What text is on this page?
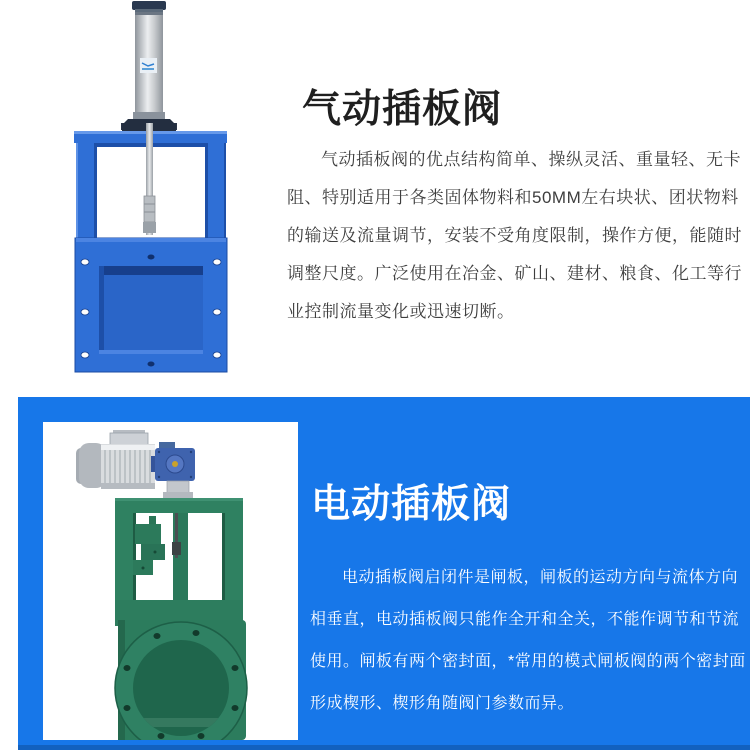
气动插板阀
气动插板阀的优点结构简单、操纵灵活、重量轻、无卡
阻、特别适用于各类固体物料和50MM左右块状、团状物料
的输送及流量调节，安装不受角度限制，操作方便，能随时
调整尺度。广泛使用在冶金、矿山、建材、粮食、化工等行
业控制流量变化或迅速切断。
电动插板阀
电动插板阀启闭件是闸板，闸板的运动方向与流体方向
相垂直，电动插板阀只能作全开和全关，不能作调节和节流
使用。闸板有两个密封面，*常用的模式闸板阀的两个密封面
形成楔形、楔形角随阀门参数而异。
